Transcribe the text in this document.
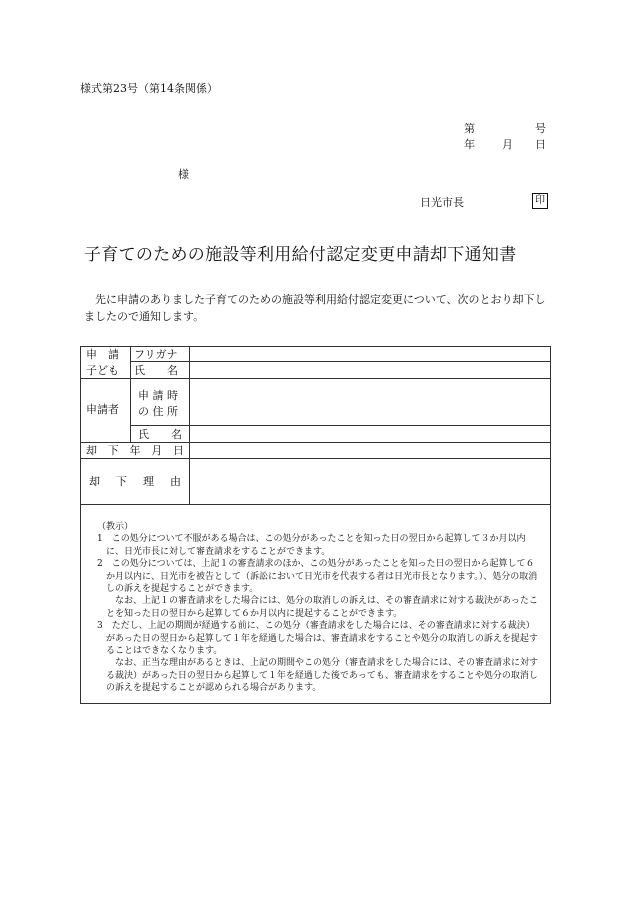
様式第23号（第14条関係）
第	号
年 月 日
様
日光市長	印
子育てのための施設等利用給付認定変更申請却下通知書
先に申請のありました子育てのための施設等利用給付認定変更について、次のとおり却下しましたので通知します。
申　請
子ども
フリガナ
氏　　名
申請者
申 請 時
の 住 所
氏　　名
却 下 年 月 日
却 下 理 由
（教示）
1　この処分について不服がある場合は、この処分があったことを知った日の翌日から起算して３か月以内に、日光市長に対して審査請求をすることができます。
2　この処分については、上記１の審査請求のほか、この処分があったことを知った日の翌日から起算して６か月以内に、日光市を被告として（訴訟において日光市を代表する者は日光市長となります。）、処分の取消しの訴えを提起することができます。
なお、上記１の審査請求をした場合には、処分の取消しの訴えは、その審査請求に対する裁決があったことを知った日の翌日から起算して６か月以内に提起することができます。
3　ただし、上記の期間が経過する前に、この処分（審査請求をした場合には、その審査請求に対する裁決）があった日の翌日から起算して１年を経過した場合は、審査請求をすることや処分の取消しの訴えを提起することはできなくなります。
なお、正当な理由があるときは、上記の期間やこの処分（審査請求をした場合には、その審査請求に対する裁決）があった日の翌日から起算して１年を経過した後であっても、審査請求をすることや処分の取消しの訴えを提起することが認められる場合があります。
